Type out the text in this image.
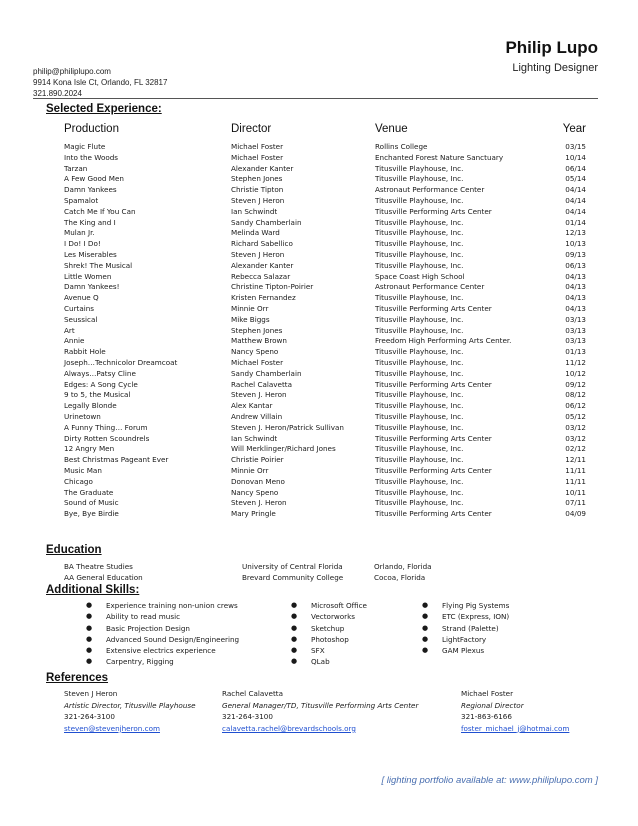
Philip Lupo
Lighting Designer
philip@philiplupo.com
9914 Kona Isle Ct, Orlando, FL 32817
321.890.2024
Selected Experience:
Production	Director	Venue	Year
Magic Flute	Michael Foster	Rollins College	03/15
Into the Woods	Michael Foster	Enchanted Forest Nature Sanctuary	10/14
Tarzan	Alexander Kanter	Titusville Playhouse, Inc.	06/14
A Few Good Men	Stephen Jones	Titusville Playhouse, Inc.	05/14
Damn Yankees	Christie Tipton	Astronaut Performance Center	04/14
Spamalot	Steven J Heron	Titusville Playhouse, Inc.	04/14
Catch Me If You Can	Ian Schwindt	Titusville Performing Arts Center	04/14
The King and I	Sandy Chamberlain	Titusville Playhouse, Inc.	01/14
Mulan Jr.	Melinda Ward	Titusville Playhouse, Inc.	12/13
I Do! I Do!	Richard Sabellico	Titusville Playhouse, Inc.	10/13
Les Miserables	Steven J Heron	Titusville Playhouse, Inc.	09/13
Shrek! The Musical	Alexander Kanter	Titusville Playhouse, Inc.	06/13
Little Women	Rebecca Salazar	Space Coast High School	04/13
Damn Yankees!	Christine Tipton-Poirier	Astronaut Performance Center	04/13
Avenue Q	Kristen Fernandez	Titusville Playhouse, Inc.	04/13
Curtains	Minnie Orr	Titusville Performing Arts Center	04/13
Seussical	Mike Biggs	Titusville Playhouse, Inc.	03/13
Art	Stephen Jones	Titusville Playhouse, Inc.	03/13
Annie	Matthew Brown	Freedom High Performing Arts Center.	03/13
Rabbit Hole	Nancy Speno	Titusville Playhouse, Inc.	01/13
Joseph…Technicolor Dreamcoat	Michael Foster	Titusville Playhouse, Inc.	11/12
Always…Patsy Cline	Sandy Chamberlain	Titusville Playhouse, Inc.	10/12
Edges: A Song Cycle	Rachel Calavetta	Titusville Performing Arts Center	09/12
9 to 5, the Musical	Steven J. Heron	Titusville Playhouse, Inc.	08/12
Legally Blonde	Alex Kantar	Titusville Playhouse, Inc.	06/12
Urinetown	Andrew Villain	Titusville Playhouse, Inc.	05/12
A Funny Thing… Forum	Steven J. Heron/Patrick Sullivan	Titusville Playhouse, Inc.	03/12
Dirty Rotten Scoundrels	Ian Schwindt	Titusville Performing Arts Center	03/12
12 Angry Men	Will Merklinger/Richard Jones	Titusville Playhouse, Inc.	02/12
Best Christmas Pageant Ever	Christie Poirier	Titusville Playhouse, Inc.	12/11
Music Man	Minnie Orr	Titusville Performing Arts Center	11/11
Chicago	Donovan Meno	Titusville Playhouse, Inc.	11/11
The Graduate	Nancy Speno	Titusville Playhouse, Inc.	10/11
Sound of Music	Steven J. Heron	Titusville Playhouse, Inc.	07/11
Bye, Bye Birdie	Mary Pringle	Titusville Performing Arts Center	04/09
Education
BA Theatre Studies	University of Central Florida	Orlando, Florida
AA General Education	Brevard Community College	Cocoa, Florida
Additional Skills:
● Experience training non-union crews
● Ability to read music
● Basic Projection Design
● Advanced Sound Design/Engineering
● Extensive electrics experience
● Carpentry, Rigging
● Microsoft Office
● Vectorworks
● Sketchup
● Photoshop
● SFX
● QLab
● Flying Pig Systems
● ETC (Express, ION)
● Strand (Palette)
● LightFactory
● GAM Plexus
References
Steven J Heron
Artistic Director, Titusville Playhouse
321-264-3100
steven@stevenjheron.com
Rachel Calavetta
General Manager/TD, Titusville Performing Arts Center
321-264-3100
calavetta.rachel@brevardschools.org
Michael Foster
Regional Director
321-863-6166
foster_michael_j@hotmai.com
[ lighting portfolio available at: www.philiplupo.com ]
